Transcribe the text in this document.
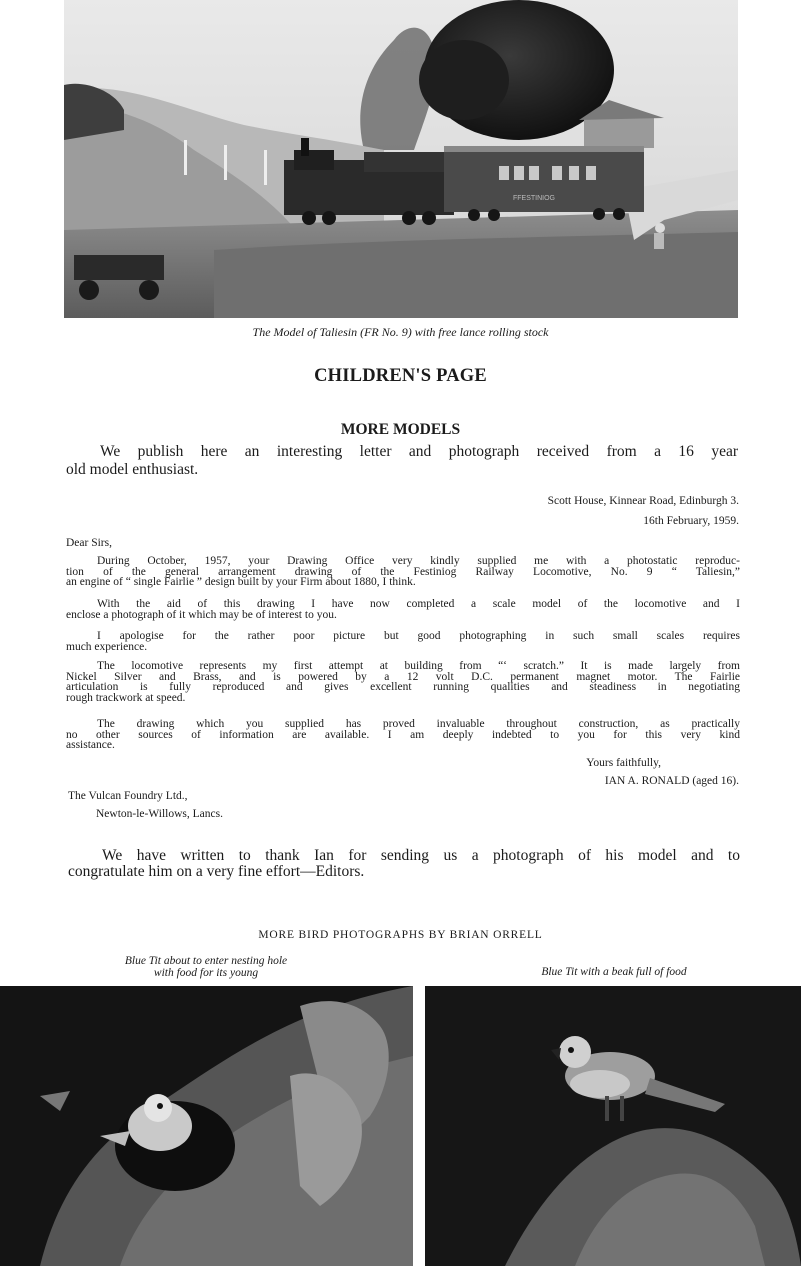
FFESTINIOG
The Model of Taliesin (FR No. 9) with free lance rolling stock
CHILDREN'S PAGE
MORE MODELS
We publish here an interesting letter and photograph received from a 16 year
old model enthusiast.
Scott House, Kinnear Road, Edinburgh 3.
16th February, 1959.
Dear Sirs,

During October, 1957, your Drawing Office very kindly supplied me with a photostatic reproduc-

tion of the general arrangement drawing of the Festiniog Railway Locomotive, No. 9 “ Taliesin,”

an engine of “ single Fairlie ” design built by your Firm about 1880, I think.

With the aid of this drawing I have now completed a scale model of the locomotive and I

enclose a photograph of it which may be of interest to you.

I apologise for the rather poor picture but good photographing in such small scales requires

much experience.

The locomotive represents my first attempt at building from “‘ scratch.” It is made largely from

Nickel Silver and Brass, and is powered by a 12 volt D.C. permanent magnet motor. The Fairlie

articulation is fully reproduced and gives excellent running qualities and steadiness in negotiating

rough trackwork at speed.

The drawing which you supplied has proved invaluable throughout construction, as practically

no other sources of information are available. I am deeply indebted to you for this very kind

assistance.

Yours faithfully,
IAN A. RONALD (aged 16).
The Vulcan Foundry Ltd.,
Newton-le-Willows, Lancs.
We have written to thank Ian for sending us a photograph of his model and to
congratulate him on a very fine effort—Editors.
MORE BIRD PHOTOGRAPHS BY BRIAN ORRELL
Blue Tit about to enter nesting hole
with food for its young	Blue Tit with a beak full of food
